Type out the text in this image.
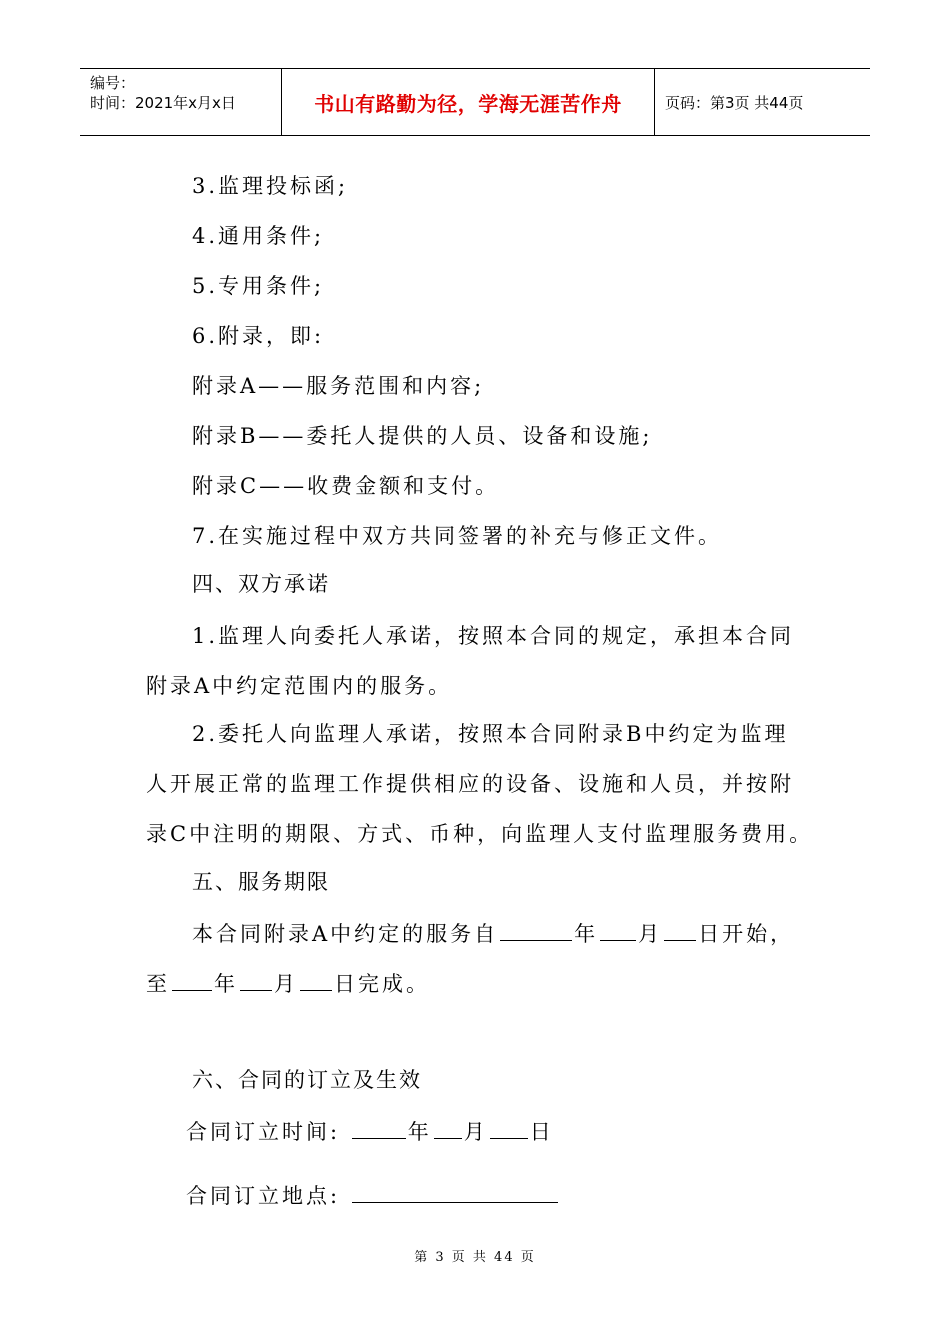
编号：
时间：2021年x月x日	书山有路勤为径，学海无涯苦作舟	页码：第3页 共44页
3.监理投标函;
4.通用条件;
5.专用条件;
6.附录，即:
附录A——服务范围和内容;
附录B——委托人提供的人员、设备和设施;
附录C——收费金额和支付。
7.在实施过程中双方共同签署的补充与修正文件。
四、双方承诺
1.监理人向委托人承诺，按照本合同的规定，承担本合同
附录A中约定范围内的服务。
2.委托人向监理人承诺，按照本合同附录B中约定为监理
人开展正常的监理工作提供相应的设备、设施和人员，并按附
录C中注明的期限、方式、币种，向监理人支付监理服务费用。
五、服务期限
本合同附录A中约定的服务自	年 月 日开始，
至 年 月 日完成。
六、合同的订立及生效
合同订立时间:	年 月 日
合同订立地点:
第 3 页 共 44 页
